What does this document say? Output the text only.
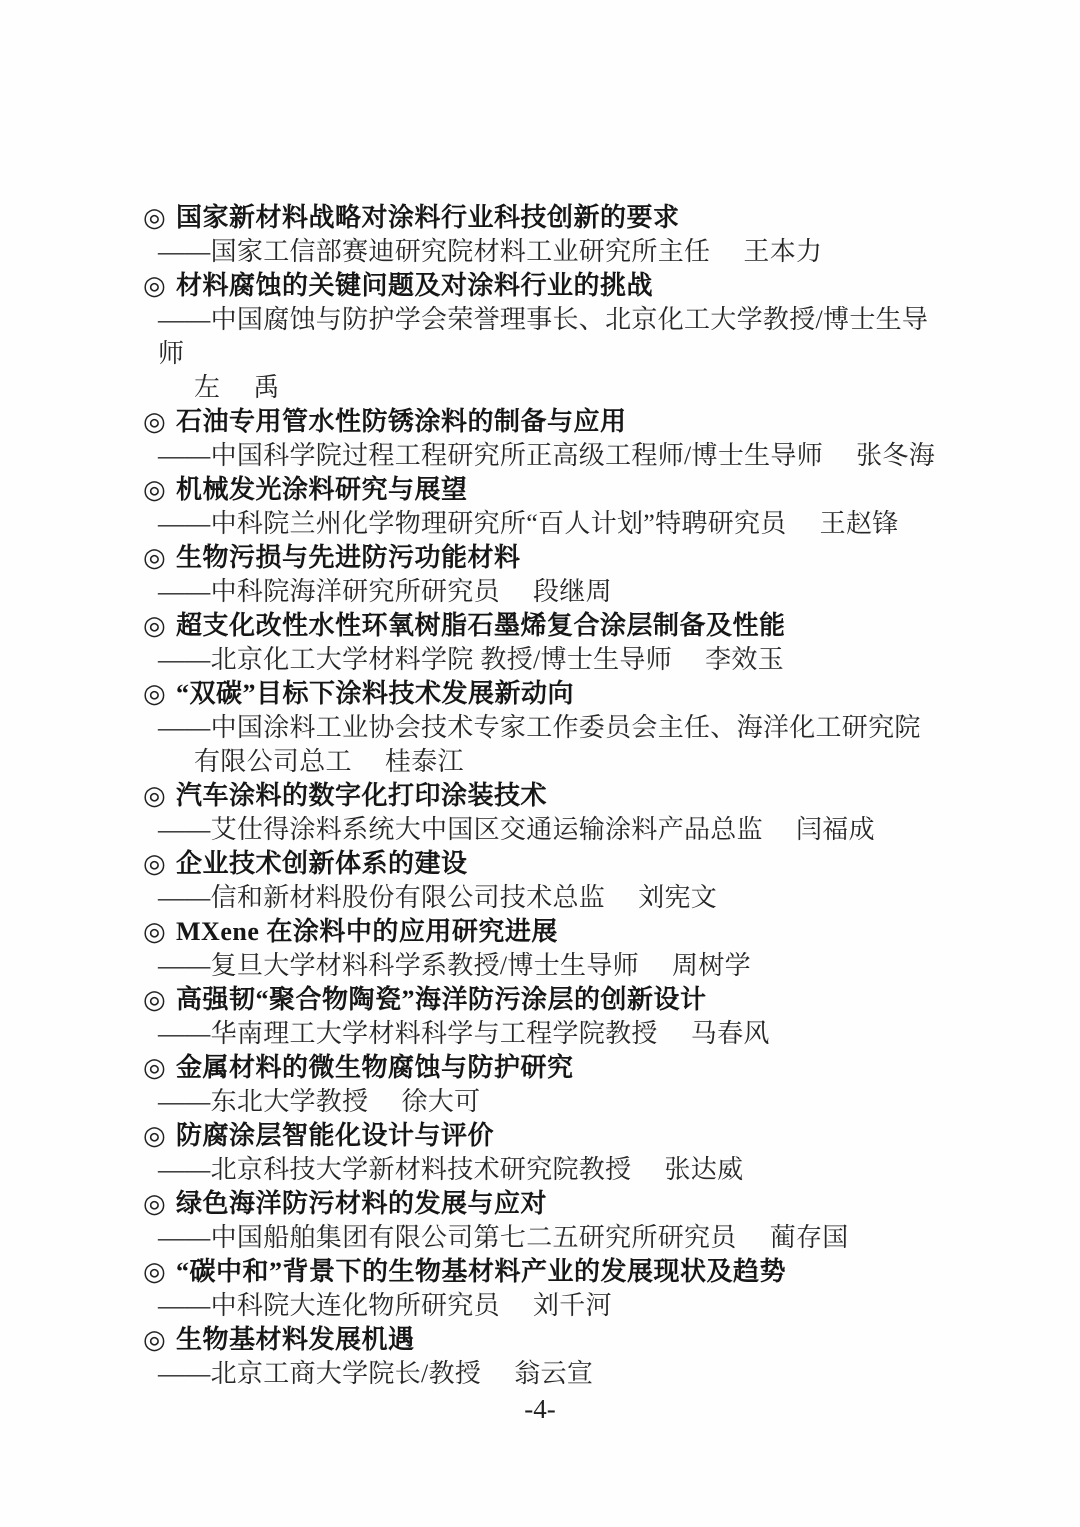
◎ 国家新材料战略对涂料行业科技创新的要求
——国家工信部赛迪研究院材料工业研究所主任　 王本力
◎ 材料腐蚀的关键问题及对涂料行业的挑战
——中国腐蚀与防护学会荣誉理事长、北京化工大学教授/博士生导师
左　 禹
◎ 石油专用管水性防锈涂料的制备与应用
——中国科学院过程工程研究所正高级工程师/博士生导师　 张冬海
◎ 机械发光涂料研究与展望
——中科院兰州化学物理研究所“百人计划”特聘研究员　 王赵锋
◎ 生物污损与先进防污功能材料
——中科院海洋研究所研究员　 段继周
◎ 超支化改性水性环氧树脂石墨烯复合涂层制备及性能
——北京化工大学材料学院 教授/博士生导师　 李效玉
◎ “双碳”目标下涂料技术发展新动向
——中国涂料工业协会技术专家工作委员会主任、海洋化工研究院
有限公司总工　 桂泰江
◎ 汽车涂料的数字化打印涂装技术
——艾仕得涂料系统大中国区交通运输涂料产品总监　 闫福成
◎ 企业技术创新体系的建设
——信和新材料股份有限公司技术总监　 刘宪文
◎ MXene 在涂料中的应用研究进展
——复旦大学材料科学系教授/博士生导师　 周树学
◎ 高强韧“聚合物陶瓷”海洋防污涂层的创新设计
——华南理工大学材料科学与工程学院教授　 马春风
◎ 金属材料的微生物腐蚀与防护研究
——东北大学教授　 徐大可
◎ 防腐涂层智能化设计与评价
——北京科技大学新材料技术研究院教授　 张达威
◎ 绿色海洋防污材料的发展与应对
——中国船舶集团有限公司第七二五研究所研究员　 蔺存国
◎ “碳中和”背景下的生物基材料产业的发展现状及趋势
——中科院大连化物所研究员　 刘千河
◎ 生物基材料发展机遇
——北京工商大学院长/教授　 翁云宣
-4-
